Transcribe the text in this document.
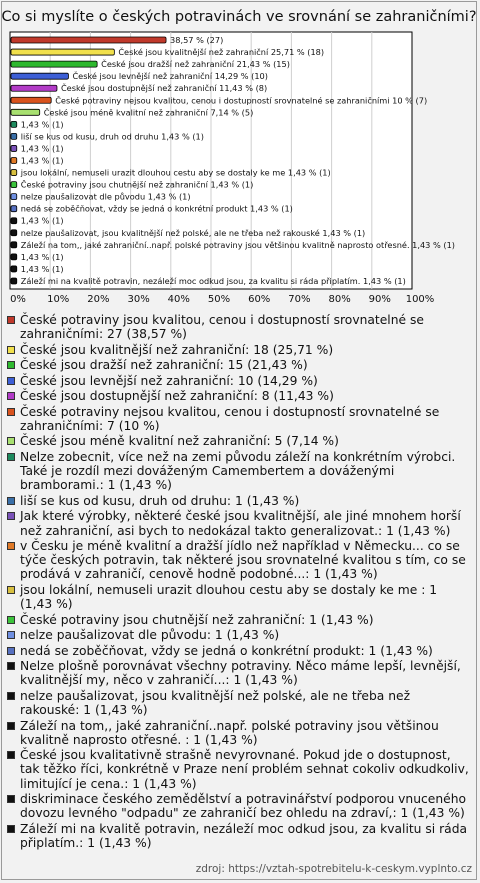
Co si myslíte o českých potravinách ve srovnání se zahraničními?
0% 10% 20% 30% 40% 50% 60% 70% 80% 90% 100%
38,57 % (27)
České jsou kvalitnější než zahraniční 25,71 % (18)
České jsou dražší než zahraniční 21,43 % (15)
České jsou levnější než zahraniční 14,29 % (10)
České jsou dostupnější než zahraniční 11,43 % (8)
České potraviny nejsou kvalitou, cenou i dostupností srovnatelné se zahraničními 10 % (7)
České jsou méně kvalitní než zahraniční 7,14 % (5)
1,43 % (1)
liší se kus od kusu, druh od druhu 1,43 % (1)
1,43 % (1)
1,43 % (1)
jsou lokální, nemuseli urazit dlouhou cestu aby se dostaly ke me 1,43 % (1)
České potraviny jsou chutnější než zahraniční 1,43 % (1)
nelze paušalizovat dle původu 1,43 % (1)
nedá se zoběčňovat, vždy se jedná o konkrétní produkt 1,43 % (1)
1,43 % (1)
nelze paušalizovat, jsou kvalitnější než polské, ale ne třeba než rakouské 1,43 % (1)
Záleží na tom,, jaké zahraniční..např. polské potraviny jsou většinou kvalitně naprosto otřesné. 1,43 % (1)
1,43 % (1)
1,43 % (1)
Záleží mi na kvalitě potravin, nezáleží moc odkud jsou, za kvalitu si ráda připlatím. 1,43 % (1)
České potraviny jsou kvalitou, cenou i dostupností srovnatelné se zahraničními: 27 (38,57 %)
České jsou kvalitnější než zahraniční: 18 (25,71 %)
České jsou dražší než zahraniční: 15 (21,43 %)
České jsou levnější než zahraniční: 10 (14,29 %)
České jsou dostupnější než zahraniční: 8 (11,43 %)
České potraviny nejsou kvalitou, cenou i dostupností srovnatelné se zahraničními: 7 (10 %)
České jsou méně kvalitní než zahraniční: 5 (7,14 %)
Nelze zobecnit, více než na zemi původu záleží na konkrétním výrobci. Také je rozdíl mezi dováženým Camembertem a dováženými bramborami.: 1 (1,43 %)
liší se kus od kusu, druh od druhu: 1 (1,43 %)
Jak které výrobky, některé české jsou kvalitnější, ale jiné mnohem horší než zahraniční, asi bych to nedokázal takto generalizovat.: 1 (1,43 %)
v Česku je méně kvalitní a dražší jídlo než například v Německu... co se týče českých potravin, tak některé jsou srovnatelné kvalitou s tím, co se prodává v zahraničí, cenově hodně podobné...: 1 (1,43 %)
jsou lokální, nemuseli urazit dlouhou cestu aby se dostaly ke me : 1 (1,43 %)
České potraviny jsou chutnější než zahraniční: 1 (1,43 %)
nelze paušalizovat dle původu: 1 (1,43 %)
nedá se zoběčňovat, vždy se jedná o konkrétní produkt: 1 (1,43 %)
Nelze plošně porovnávat všechny potraviny. Něco máme lepší, levnější, kvalitnější my, něco v zahraničí...: 1 (1,43 %)
nelze paušalizovat, jsou kvalitnější než polské, ale ne třeba než rakouské: 1 (1,43 %)
Záleží na tom,, jaké zahraniční..např. polské potraviny jsou většinou kvalitně naprosto otřesné. : 1 (1,43 %)
České jsou kvalitativně strašně nevyrovnané. Pokud jde o dostupnost, tak těžko říci, konkrétně v Praze není problém sehnat cokoliv odkudkoliv, limitující je cena.: 1 (1,43 %)
diskriminace českého zemědělství a potravinářství podporou vnuceného dovozu levného "odpadu" ze zahraničí bez ohledu na zdraví,: 1 (1,43 %)
Záleží mi na kvalitě potravin, nezáleží moc odkud jsou, za kvalitu si ráda připlatím.: 1 (1,43 %)
zdroj: https://vztah-spotrebitelu-k-ceskym.vyplnto.cz
